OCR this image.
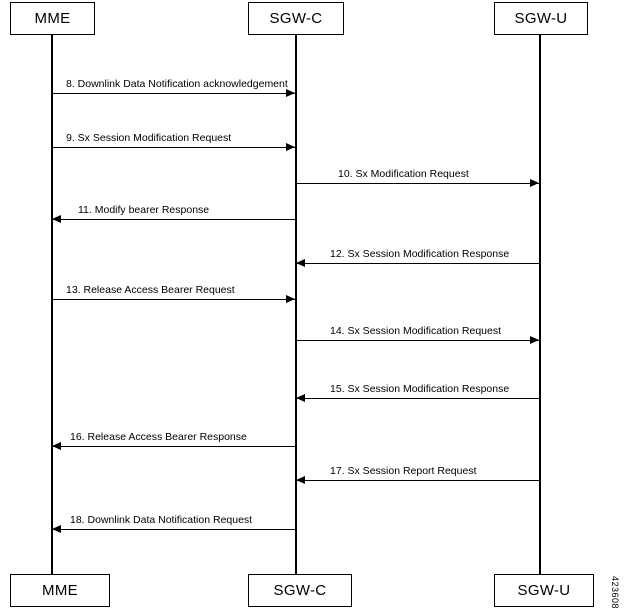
MME	SGW-C	SGW-U
MME	SGW-C	SGW-U
8. Downlink Data Notification acknowledgement
9. Sx Session Modification Request
10. Sx Modification Request
11. Modify bearer Response
12. Sx Session Modification Response
13. Release Access Bearer Request
14. Sx Session Modification Request
15. Sx Session Modification Response
16. Release Access Bearer Response
17. Sx Session Report Request
18. Downlink Data Notification Request
423608
